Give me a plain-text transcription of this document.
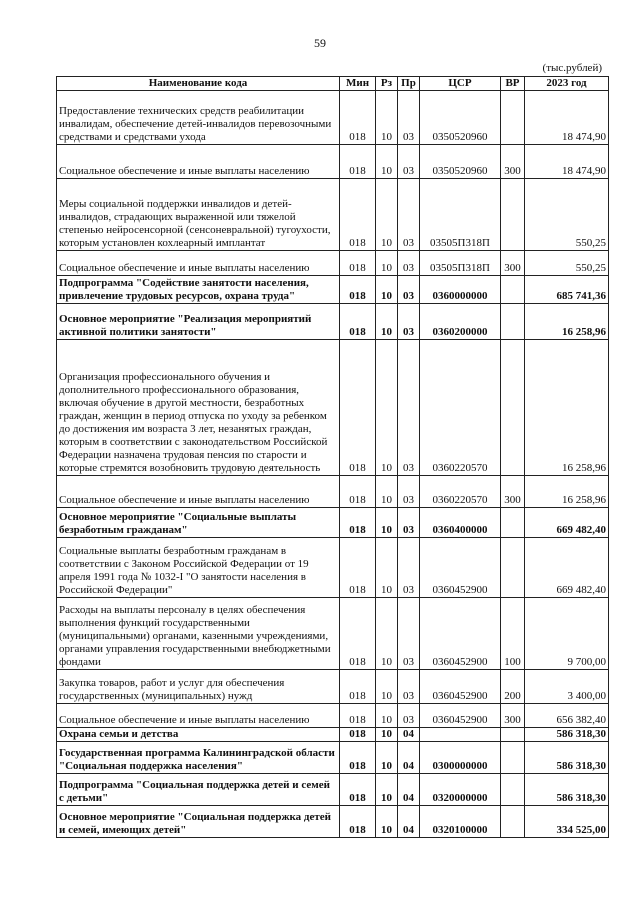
59
(тыс.рублей)
Наименование кода	Мин	Рз	Пр	ЦСР	ВР	2023 год
Предоставление технических средств реабилитации инвалидам, обеспечение детей-инвалидов перевозочными средствами и средствами ухода	018	10	03	0350520960		18 474,90
Социальное обеспечение и иные выплаты населению	018	10	03	0350520960	300	18 474,90
Меры социальной поддержки инвалидов и детей-инвалидов, страдающих выраженной или тяжелой степенью нейросенсорной (сенсоневральной) тугоухости, которым установлен кохлеарный имплантат	018	10	03	03505П318П		550,25
Социальное обеспечение и иные выплаты населению	018	10	03	03505П318П	300	550,25
Подпрограмма "Содействие занятости населения, привлечение трудовых ресурсов, охрана труда"	018	10	03	0360000000		685 741,36
Основное мероприятие "Реализация мероприятий активной политики занятости"	018	10	03	0360200000		16 258,96
Организация профессионального обучения и дополнительного профессионального образования, включая обучение в другой местности, безработных граждан, женщин в период отпуска по уходу за ребенком до достижения им возраста 3 лет, незанятых граждан, которым в соответствии с законодательством Российской Федерации назначена трудовая пенсия по старости и которые стремятся возобновить трудовую деятельность	018	10	03	0360220570		16 258,96
Социальное обеспечение и иные выплаты населению	018	10	03	0360220570	300	16 258,96
Основное мероприятие "Социальные выплаты безработным гражданам"	018	10	03	0360400000		669 482,40
Социальные выплаты безработным гражданам в соответствии с Законом Российской Федерации от 19 апреля 1991 года № 1032-I "О занятости населения в Российской Федерации"	018	10	03	0360452900		669 482,40
Расходы на выплаты персоналу в целях обеспечения выполнения функций государственными (муниципальными) органами, казенными учреждениями, органами управления государственными внебюджетными фондами	018	10	03	0360452900	100	9 700,00
Закупка товаров, работ и услуг для обеспечения государственных (муниципальных) нужд	018	10	03	0360452900	200	3 400,00
Социальное обеспечение и иные выплаты населению	018	10	03	0360452900	300	656 382,40
Охрана семьи и детства	018	10	04			586 318,30
Государственная программа Калининградской области "Социальная поддержка населения"	018	10	04	0300000000		586 318,30
Подпрограмма "Социальная поддержка детей и семей с детьми"	018	10	04	0320000000		586 318,30
Основное мероприятие "Социальная поддержка детей и семей, имеющих детей"	018	10	04	0320100000		334 525,00
